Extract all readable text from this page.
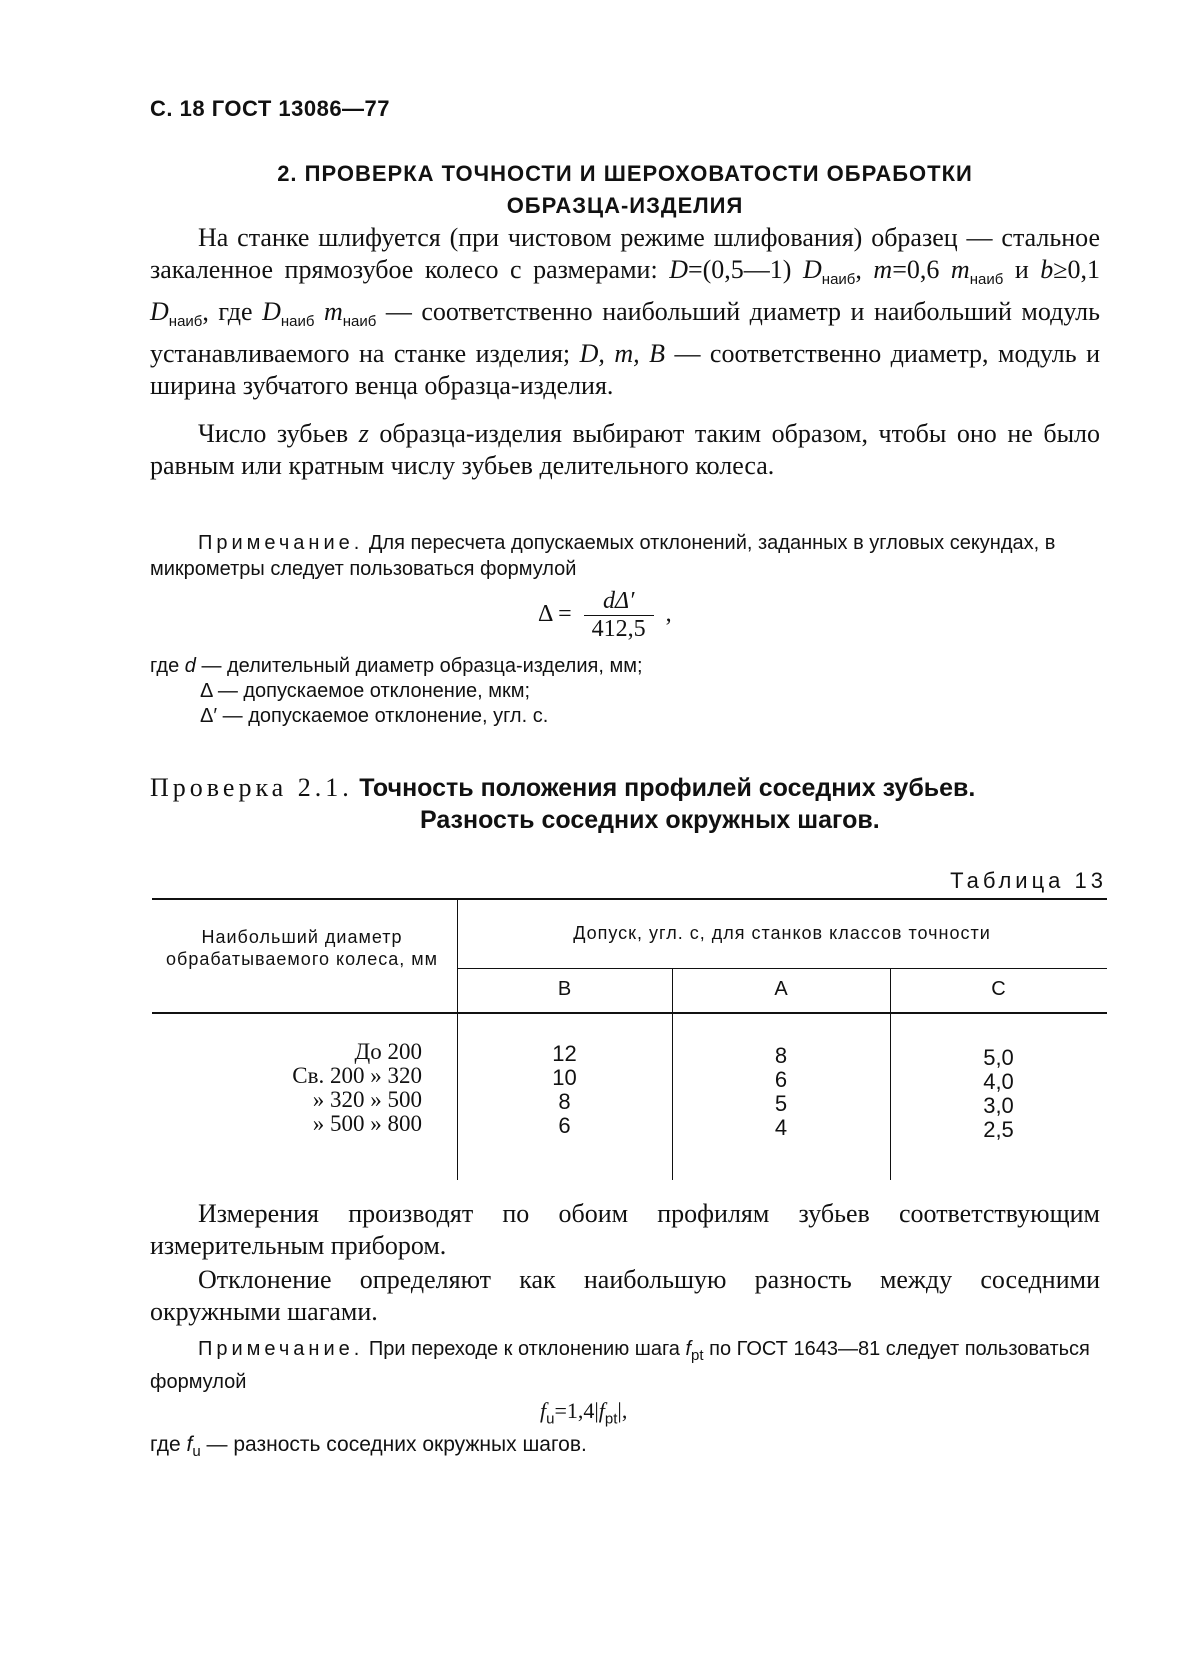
С. 18 ГОСТ 13086—77
2. ПРОВЕРКА ТОЧНОСТИ И ШЕРОХОВАТОСТИ ОБРАБОТКИ
ОБРАЗЦА-ИЗДЕЛИЯ

На станке шлифуется (при чистовом режиме шлифования) образец — стальное закаленное прямозубое колесо с размерами: D=(0,5—1) $D_{наиб}$, m=0,6 $m_{наиб}$ и b≥0,1 $D_{наиб}$, где $D_{наиб}$ $m_{наиб}$ — соответственно наибольший диаметр и наибольший модуль устанавливаемого на станке изделия; D, m, B — соответственно диаметр, модуль и ширина зубчатого венца образца-изделия.

Число зубьев z образца-изделия выбирают таким образом, чтобы оно не было равным или кратным числу зубьев делительного колеса.

Примечание. Для пересчета допускаемых отклонений, заданных в угловых секундах, в микрометры следует пользоваться формулой

$\Delta = \frac{d\Delta'}{412,5}$ ,
где d — делительный диаметр образца-изделия, мм;
Δ — допускаемое отклонение, мкм;
Δ′ — допускаемое отклонение, угл. с.
Проверка 2.1. Точность положения профилей соседних зубьев.
Разность соседних окружных шагов.
Таблица 13
Наибольший диаметр обрабатываемого колеса, мм
Допуск, угл. с, для станков классов точности
В	А	С
До 200
Св. 200 » 320
» 320 » 500
» 500 » 800
12
10
8
6
8
6
5
4
5,0
4,0
3,0
2,5

Измерения производят по обоим профилям зубьев соответствующим измерительным прибором.

Отклонение определяют как наибольшую разность между соседними окружными шагами.

Примечание. При переходе к отклонению шага $f_{pt}$ по ГОСТ 1643—81 следует пользоваться формулой

$f_u=1,4|f_{pt}|$,

где $f_u$ — разность соседних окружных шагов.
